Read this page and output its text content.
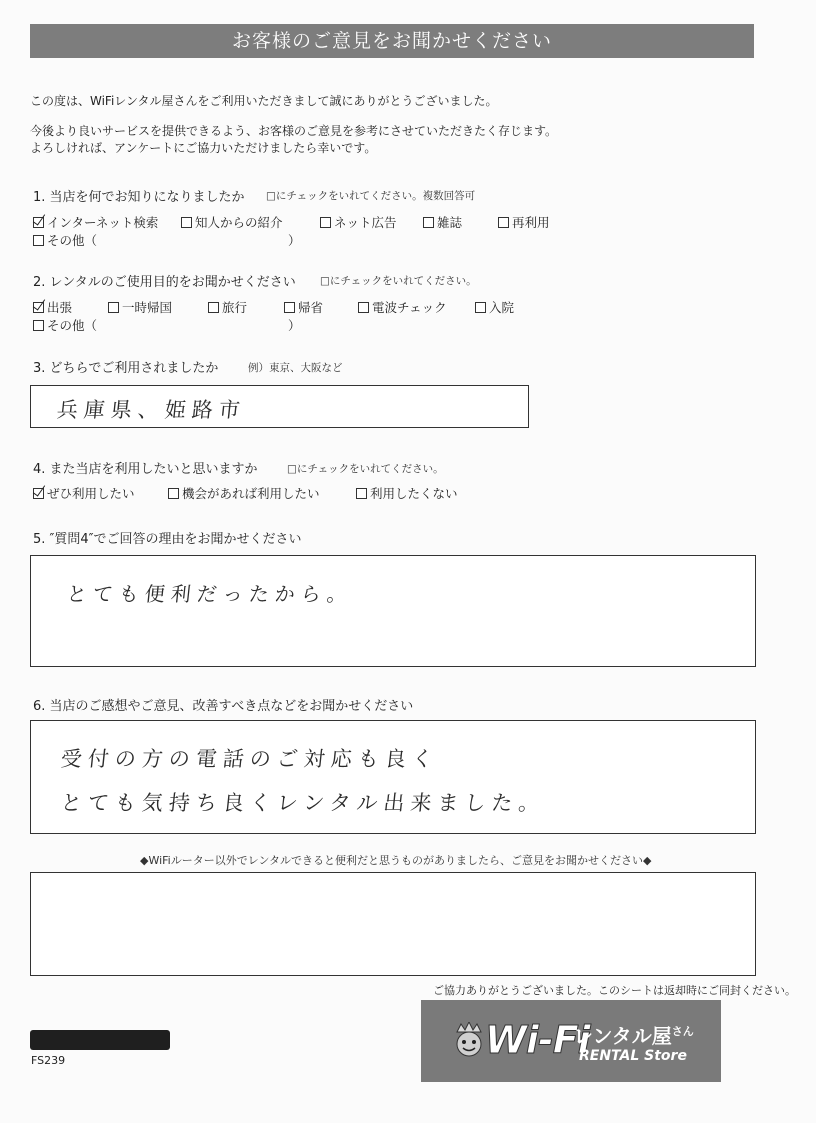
お客様のご意見をお聞かせください
この度は、WiFiレンタル屋さんをご利用いただきまして誠にありがとうございました。
今後より良いサービスを提供できるよう、お客様のご意見を参考にさせていただきたく存じます。
よろしければ、アンケートにご協力いただけましたら幸いです。
1. 当店を何でお知りになりましたか □にチェックをいれてください。複数回答可
インターネット検索	知人からの紹介	ネット広告	雑誌	再利用
その他（	）
2. レンタルのご使用目的をお聞かせください □にチェックをいれてください。
出張	一時帰国	旅行	帰省	電波チェック	入院
その他（	）
3. どちらでご利用されましたか	例）東京、大阪など
兵庫県、姫路市
4. また当店を利用したいと思いますか	□にチェックをいれてください。
ぜひ利用したい	機会があれば利用したい	利用したくない
5. ″質問4″でご回答の理由をお聞かせください
とても便利だったから。
6. 当店のご感想やご意見、改善すべき点などをお聞かせください
受付の方の電話のご対応も良く
とても気持ち良くレンタル出来ました。
◆WiFiルーター以外でレンタルできると便利だと思うものがありましたら、ご意見をお聞かせください◆
ご協力ありがとうございました。このシートは返却時にご同封ください。
FS239	Wi-Fi
レンタル屋$^{さん}$
RENTAL Store
